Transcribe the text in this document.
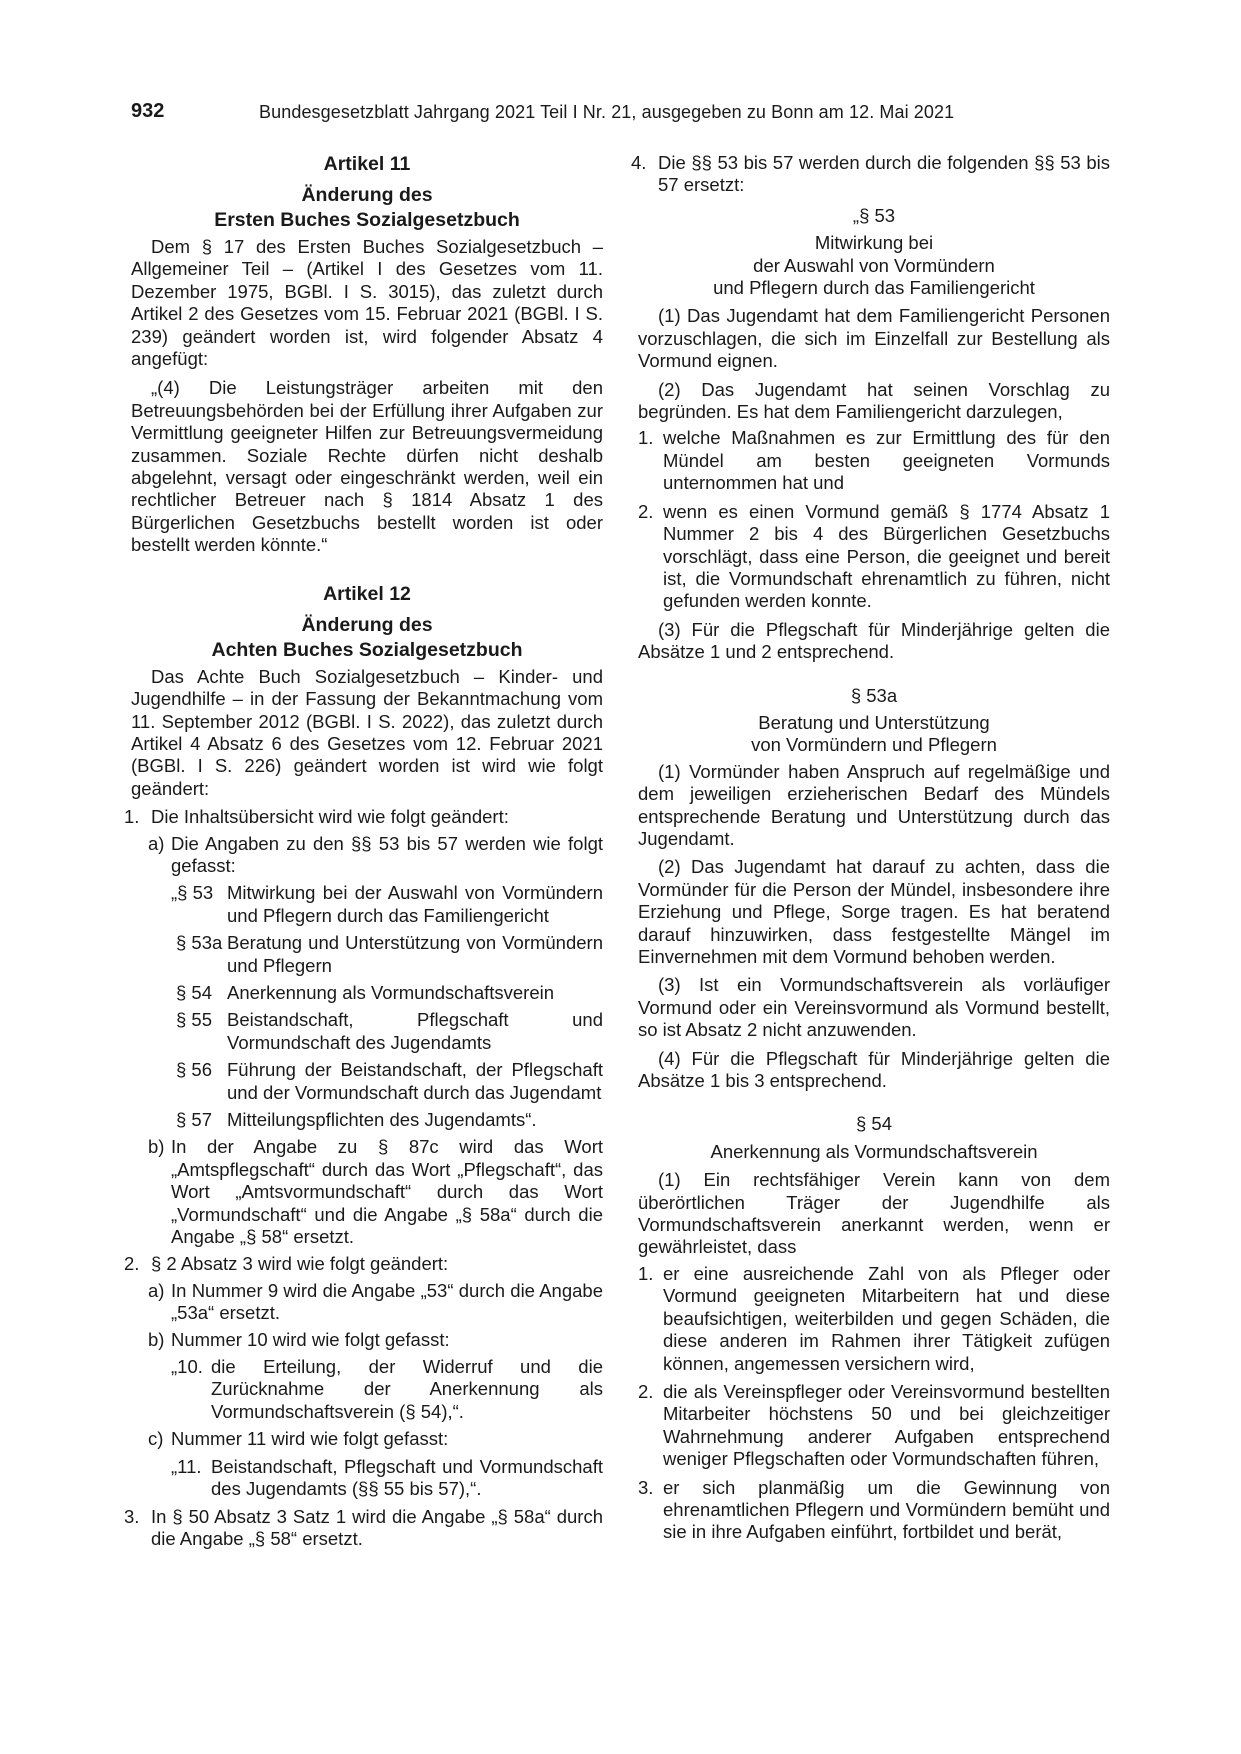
932	Bundesgesetzblatt Jahrgang 2021 Teil I Nr. 21, ausgegeben zu Bonn am 12. Mai 2021

Artikel 11

Änderung des

Ersten Buches Sozialgesetzbuch

Dem § 17 des Ersten Buches Sozialgesetzbuch – Allgemeiner Teil – (Artikel I des Gesetzes vom 11. Dezember 1975, BGBl. I S. 3015), das zuletzt durch Artikel 2 des Gesetzes vom 15. Februar 2021 (BGBl. I S. 239) geändert worden ist, wird folgender Absatz 4 angefügt:

„(4) Die Leistungsträger arbeiten mit den Betreuungsbehörden bei der Erfüllung ihrer Aufgaben zur Vermittlung geeigneter Hilfen zur Betreuungsvermeidung zusammen. Soziale Rechte dürfen nicht deshalb abgelehnt, versagt oder eingeschränkt werden, weil ein rechtlicher Betreuer nach § 1814 Absatz 1 des Bürgerlichen Gesetzbuchs bestellt worden ist oder bestellt werden könnte.“

Artikel 12

Änderung des

Achten Buches Sozialgesetzbuch

Das Achte Buch Sozialgesetzbuch – Kinder- und Jugendhilfe – in der Fassung der Bekanntmachung vom 11. September 2012 (BGBl. I S. 2022), das zuletzt durch Artikel 4 Absatz 6 des Gesetzes vom 12. Februar 2021 (BGBl. I S. 226) geändert worden ist wird wie folgt geändert:

1. Die Inhaltsübersicht wird wie folgt geändert:

a) Die Angaben zu den §§ 53 bis 57 werden wie folgt gefasst:

„§ 53 Mitwirkung bei der Auswahl von Vormündern und Pflegern durch das Familiengericht

§ 53a Beratung und Unterstützung von Vormündern und Pflegern

§ 54 Anerkennung als Vormundschaftsverein

§ 55 Beistandschaft, Pflegschaft und Vormundschaft des Jugendamts

§ 56 Führung der Beistandschaft, der Pflegschaft und der Vormundschaft durch das Jugendamt

§ 57 Mitteilungspflichten des Jugendamts“.

b) In der Angabe zu § 87c wird das Wort „Amtspflegschaft“ durch das Wort „Pflegschaft“, das Wort „Amtsvormundschaft“ durch das Wort „Vormundschaft“ und die Angabe „§ 58a“ durch die Angabe „§ 58“ ersetzt.

2. § 2 Absatz 3 wird wie folgt geändert:

a) In Nummer 9 wird die Angabe „53“ durch die Angabe „53a“ ersetzt.

b) Nummer 10 wird wie folgt gefasst:

„10. die Erteilung, der Widerruf und die Zurücknahme der Anerkennung als Vormundschaftsverein (§ 54),“.

c) Nummer 11 wird wie folgt gefasst:

„11. Beistandschaft, Pflegschaft und Vormundschaft des Jugendamts (§§ 55 bis 57),“.

3. In § 50 Absatz 3 Satz 1 wird die Angabe „§ 58a“ durch die Angabe „§ 58“ ersetzt.

4. Die §§ 53 bis 57 werden durch die folgenden §§ 53 bis 57 ersetzt:

„§ 53

Mitwirkung bei

der Auswahl von Vormündern

und Pflegern durch das Familiengericht

(1) Das Jugendamt hat dem Familiengericht Personen vorzuschlagen, die sich im Einzelfall zur Bestellung als Vormund eignen.

(2) Das Jugendamt hat seinen Vorschlag zu begründen. Es hat dem Familiengericht darzulegen,

1. welche Maßnahmen es zur Ermittlung des für den Mündel am besten geeigneten Vormunds unternommen hat und

2. wenn es einen Vormund gemäß § 1774 Absatz 1 Nummer 2 bis 4 des Bürgerlichen Gesetzbuchs vorschlägt, dass eine Person, die geeignet und bereit ist, die Vormundschaft ehrenamtlich zu führen, nicht gefunden werden konnte.

(3) Für die Pflegschaft für Minderjährige gelten die Absätze 1 und 2 entsprechend.

§ 53a

Beratung und Unterstützung

von Vormündern und Pflegern

(1) Vormünder haben Anspruch auf regelmäßige und dem jeweiligen erzieherischen Bedarf des Mündels entsprechende Beratung und Unterstützung durch das Jugendamt.

(2) Das Jugendamt hat darauf zu achten, dass die Vormünder für die Person der Mündel, insbesondere ihre Erziehung und Pflege, Sorge tragen. Es hat beratend darauf hinzuwirken, dass festgestellte Mängel im Einvernehmen mit dem Vormund behoben werden.

(3) Ist ein Vormundschaftsverein als vorläufiger Vormund oder ein Vereinsvormund als Vormund bestellt, so ist Absatz 2 nicht anzuwenden.

(4) Für die Pflegschaft für Minderjährige gelten die Absätze 1 bis 3 entsprechend.

§ 54

Anerkennung als Vormundschaftsverein

(1) Ein rechtsfähiger Verein kann von dem überörtlichen Träger der Jugendhilfe als Vormundschaftsverein anerkannt werden, wenn er gewährleistet, dass

1. er eine ausreichende Zahl von als Pfleger oder Vormund geeigneten Mitarbeitern hat und diese beaufsichtigen, weiterbilden und gegen Schäden, die diese anderen im Rahmen ihrer Tätigkeit zufügen können, angemessen versichern wird,

2. die als Vereinspfleger oder Vereinsvormund bestellten Mitarbeiter höchstens 50 und bei gleichzeitiger Wahrnehmung anderer Aufgaben entsprechend weniger Pflegschaften oder Vormundschaften führen,

3. er sich planmäßig um die Gewinnung von ehrenamtlichen Pflegern und Vormündern bemüht und sie in ihre Aufgaben einführt, fortbildet und berät,
